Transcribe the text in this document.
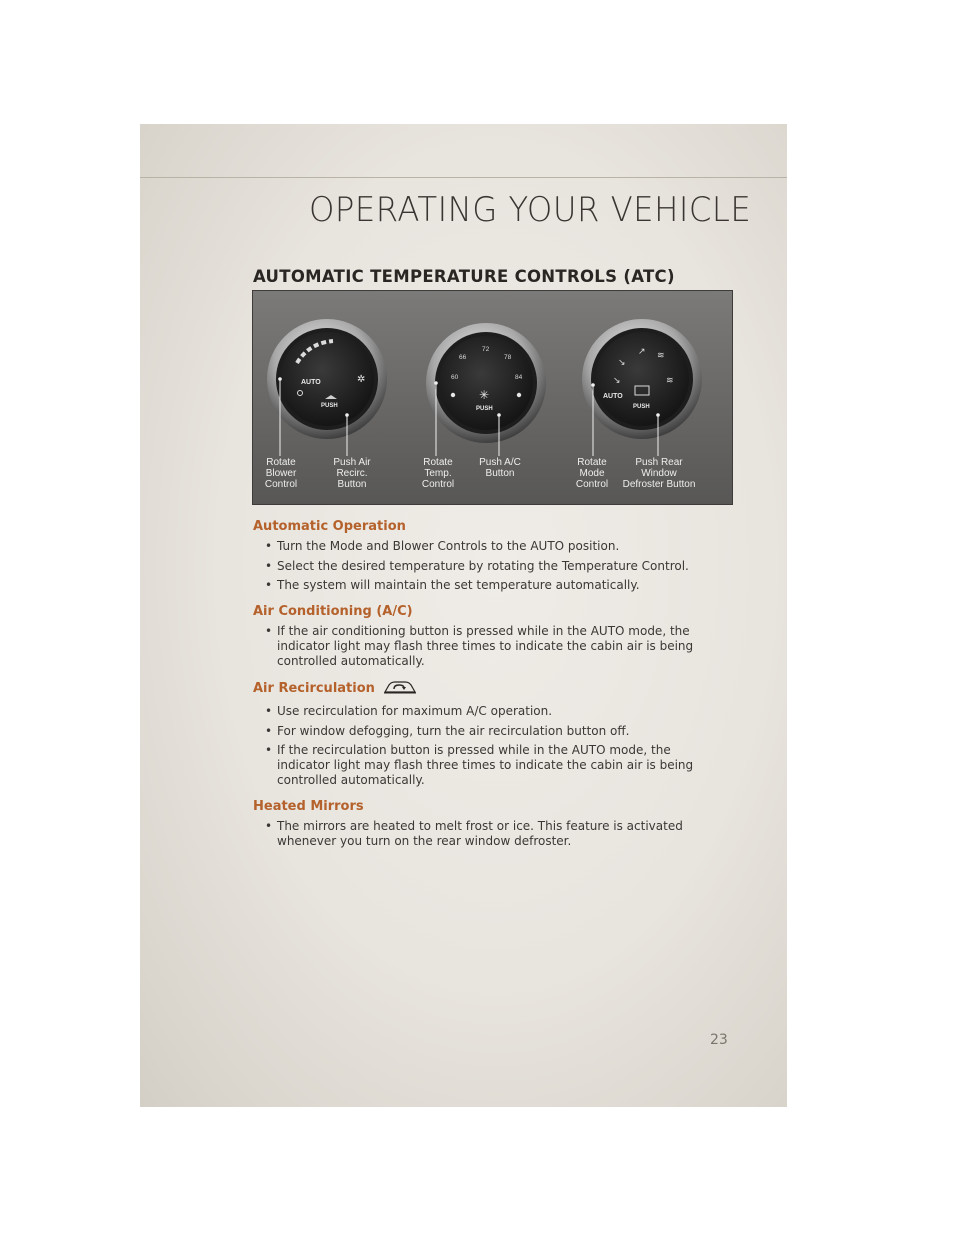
OPERATING YOUR VEHICLE
AUTOMATIC TEMPERATURE CONTROLS (ATC)
AUTO
PUSH
✲
66
72
78
60	84
✳
PUSH
↘
↗ ≋
↘	≋
AUTO
PUSH
Rotate
Blower
Control
Push Air
Recirc.
Button
Rotate
Temp.
Control
Push A/C
Button
Rotate
Mode
Control
Push Rear
Window
Defroster Button
Automatic Operation
• Turn the Mode and Blower Controls to the AUTO position.
• Select the desired temperature by rotating the Temperature Control.
• The system will maintain the set temperature automatically.
Air Conditioning (A/C)
• If the air conditioning button is pressed while in the AUTO mode, the indicator light may flash three times to indicate the cabin air is being controlled automatically.
Air Recirculation
• Use recirculation for maximum A/C operation.
• For window defogging, turn the air recirculation button off.
• If the recirculation button is pressed while in the AUTO mode, the indicator light may flash three times to indicate the cabin air is being controlled automatically.
Heated Mirrors
• The mirrors are heated to melt frost or ice. This feature is activated whenever you turn on the rear window defroster.
23
